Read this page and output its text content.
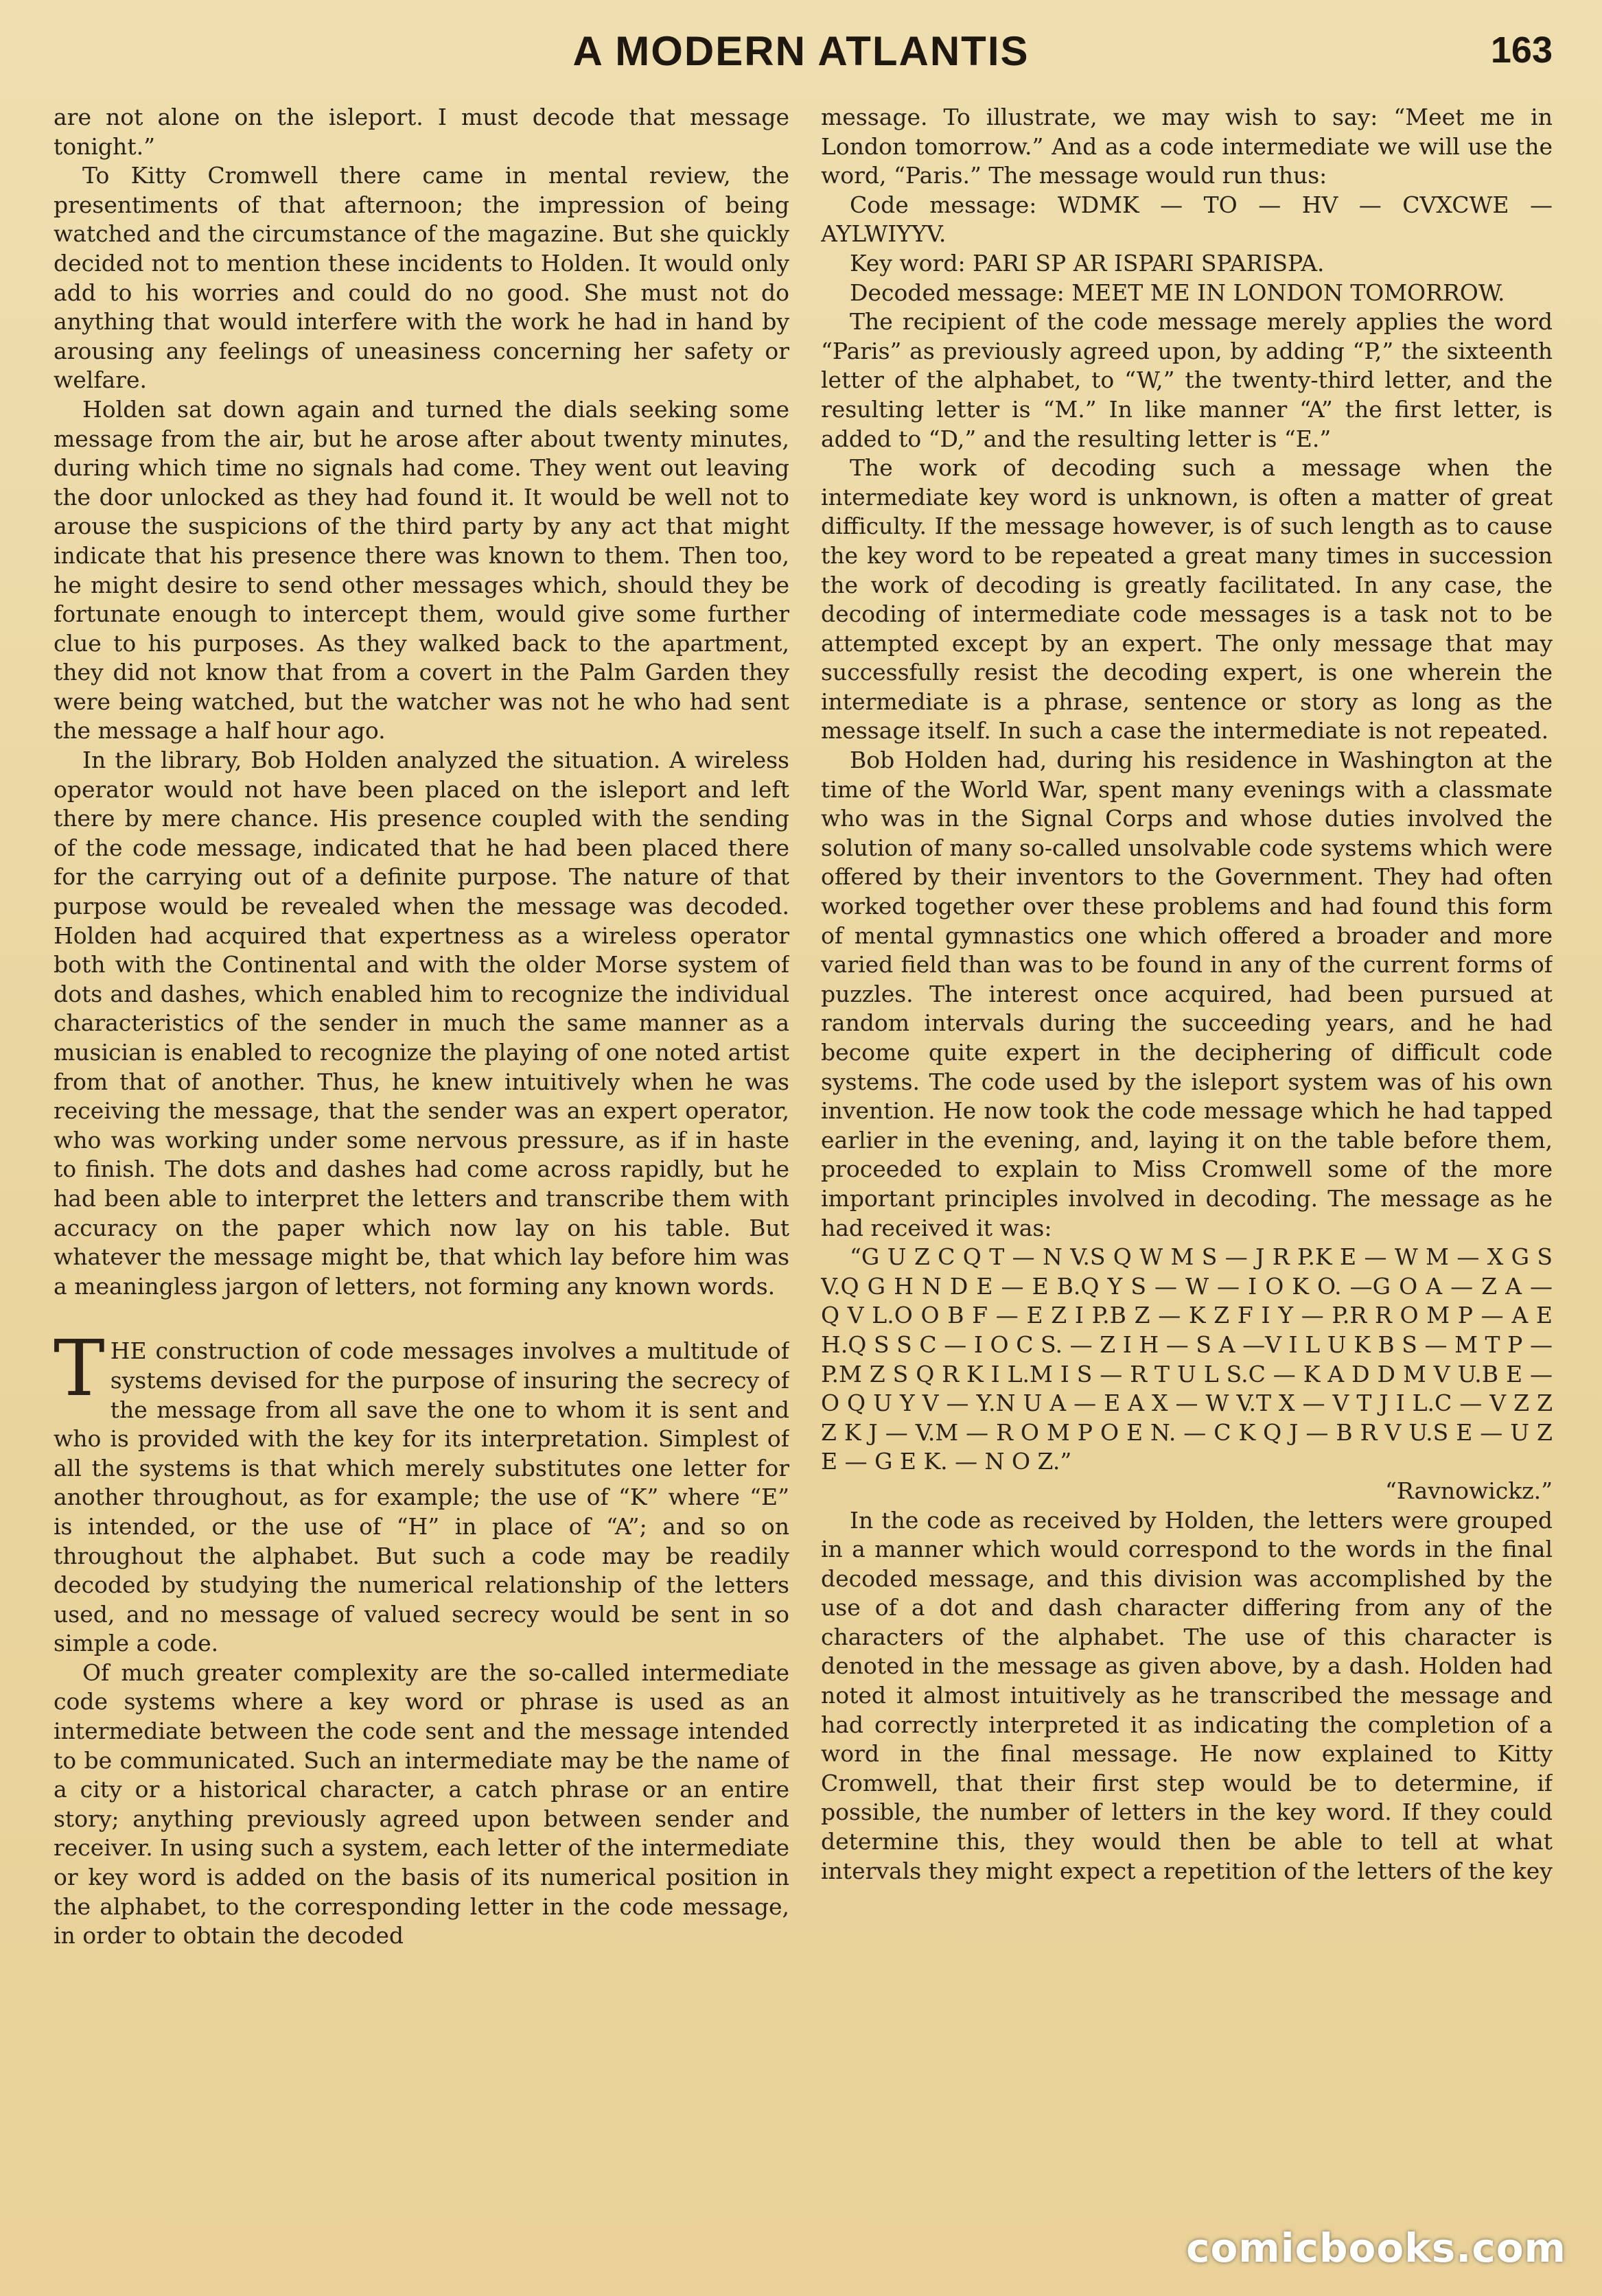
A MODERN ATLANTIS	163

are not alone on the isleport. I must decode that message tonight.”

To Kitty Cromwell there came in mental review, the presentiments of that afternoon; the impression of being watched and the circumstance of the magazine. But she quickly decided not to mention these incidents to Holden. It would only add to his worries and could do no good. She must not do anything that would interfere with the work he had in hand by arousing any feelings of uneasiness concerning her safety or welfare.

Holden sat down again and turned the dials seeking some message from the air, but he arose after about twenty minutes, during which time no signals had come. They went out leaving the door unlocked as they had found it. It would be well not to arouse the suspicions of the third party by any act that might indicate that his presence there was known to them. Then too, he might desire to send other messages which, should they be fortunate enough to intercept them, would give some further clue to his purposes. As they walked back to the apartment, they did not know that from a covert in the Palm Garden they were being watched, but the watcher was not he who had sent the message a half hour ago.

In the library, Bob Holden analyzed the situation. A wireless operator would not have been placed on the isleport and left there by mere chance. His presence coupled with the sending of the code message, indicated that he had been placed there for the carrying out of a definite purpose. The nature of that purpose would be revealed when the message was decoded. Holden had acquired that expertness as a wireless operator both with the Continental and with the older Morse system of dots and dashes, which enabled him to recognize the individual characteristics of the sender in much the same manner as a musician is enabled to recognize the playing of one noted artist from that of another. Thus, he knew intuitively when he was receiving the message, that the sender was an expert operator, who was working under some nervous pressure, as if in haste to finish. The dots and dashes had come across rapidly, but he had been able to interpret the letters and transcribe them with accuracy on the paper which now lay on his table. But whatever the message might be, that which lay before him was a meaningless jargon of letters, not forming any known words.

THE construction of code messages involves a multitude of systems devised for the purpose of insuring the secrecy of the message from all save the one to whom it is sent and who is provided with the key for its interpretation. Simplest of all the systems is that which merely substitutes one letter for another throughout, as for example; the use of “K” where “E” is intended, or the use of “H” in place of “A”; and so on throughout the alphabet. But such a code may be readily decoded by studying the numerical relationship of the letters used, and no message of valued secrecy would be sent in so simple a code.

Of much greater complexity are the so-called intermediate code systems where a key word or phrase is used as an intermediate between the code sent and the message intended to be communicated. Such an intermediate may be the name of a city or a historical character, a catch phrase or an entire story; anything previously agreed upon between sender and receiver. In using such a system, each letter of the intermediate or key word is added on the basis of its numerical position in the alphabet, to the corresponding letter in the code message, in order to obtain the decoded

message. To illustrate, we may wish to say: “Meet me in London tomorrow.” And as a code intermediate we will use the word, “Paris.” The message would run thus:

Code message: WDMK — TO — HV — CVXCWE — AYLWIYYV.

Key word: PARI SP AR ISPARI SPARISPA.

Decoded message: MEET ME IN LONDON TOMORROW.

The recipient of the code message merely applies the word “Paris” as previously agreed upon, by adding “P,” the sixteenth letter of the alphabet, to “W,” the twenty-third letter, and the resulting letter is “M.” In like manner “A” the first letter, is added to “D,” and the resulting letter is “E.”

The work of decoding such a message when the intermediate key word is unknown, is often a matter of great difficulty. If the message however, is of such length as to cause the key word to be repeated a great many times in succession the work of decoding is greatly facilitated. In any case, the decoding of intermediate code messages is a task not to be attempted except by an expert. The only message that may successfully resist the decoding expert, is one wherein the intermediate is a phrase, sentence or story as long as the message itself. In such a case the intermediate is not repeated.

Bob Holden had, during his residence in Washington at the time of the World War, spent many evenings with a classmate who was in the Signal Corps and whose duties involved the solution of many so-called unsolvable code systems which were offered by their inventors to the Government. They had often worked together over these problems and had found this form of mental gymnastics one which offered a broader and more varied field than was to be found in any of the current forms of puzzles. The interest once acquired, had been pursued at random intervals during the succeeding years, and he had become quite expert in the deciphering of difficult code systems. The code used by the isleport system was of his own invention. He now took the code message which he had tapped earlier in the evening, and, laying it on the table before them, proceeded to explain to Miss Cromwell some of the more important principles involved in decoding. The message as he had received it was:

“G U Z C Q T — N V.S Q W M S — J R P.K E — W M — X G S V.Q G H N D E — E B.Q Y S — W — I O K O. —G O A — Z A — Q V L.O O B F — E Z I P.B Z — K Z F I Y — P.R R O M P — A E H.Q S S C — I O C S. — Z I H — S A —V I L U K B S — M T P — P.M Z S Q R K I L.M I S — R T U L S.C — K A D D M V U.B E — O Q U Y V — Y.N U A — E A X — W V.T X — V T J I L.C — V Z Z Z K J — V.M — R O M P O E N. — C K Q J — B R V U.S E — U Z E — G E K. — N O Z.”

“Ravnowickz.”

In the code as received by Holden, the letters were grouped in a manner which would correspond to the words in the final decoded message, and this division was accomplished by the use of a dot and dash character differing from any of the characters of the alphabet. The use of this character is denoted in the message as given above, by a dash. Holden had noted it almost intuitively as he transcribed the message and had correctly interpreted it as indicating the completion of a word in the final message. He now explained to Kitty Cromwell, that their first step would be to determine, if possible, the number of letters in the key word. If they could determine this, they would then be able to tell at what intervals they might expect a repetition of the letters of the key

comicbooks.com
